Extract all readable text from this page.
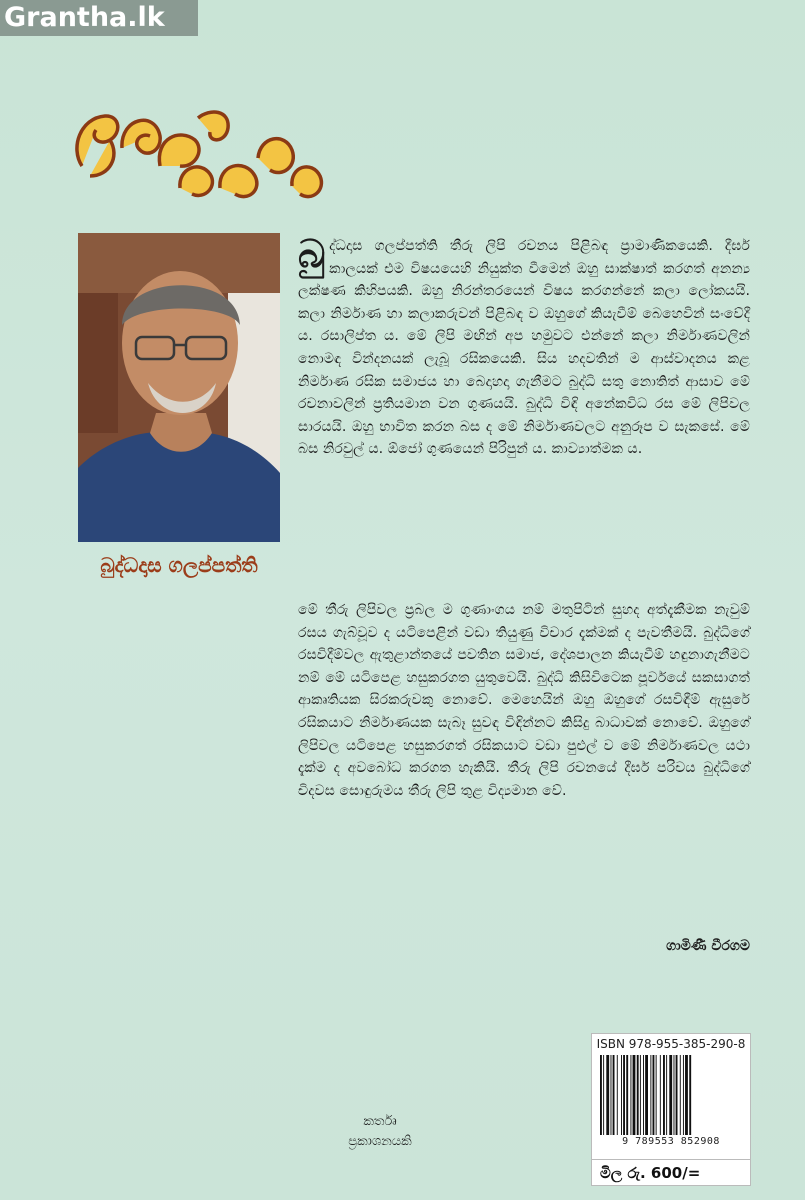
Grantha.lk
බුද්ධදාස ගලප්පත්ති
බුද්ධදාස ගලප්පත්ති තීරු ලිපි රචනය පිළිබඳ ප්‍රාමාණිකයෙකි. දීර්ඝ කාලයක් එම විෂයයෙහි නියුක්ත වීමෙන් ඔහු සාක්ෂාත් කරගත් අනන්‍ය ලක්ෂණ කිහිපයකි. ඔහු නිරන්තරයෙන් විෂය කරගන්නේ කලා ලෝකයයි. කලා නිර්මාණ හා කලාකරුවන් පිළිබඳ ව ඔහුගේ කියැවීම් බෙහෙවින් සංවේදී ය. රසාලිප්ත ය. මේ ලිපි මඟින් අප හමුවට එන්නේ කලා නිර්මාණවලින් නොමඳ වින්දනයක් ලැබූ රසිකයෙකි. සිය හදවතින් ම ආස්වාදනය කළ නිර්මාණ රසික සමාජය හා බෙදාහදා ගැනීමට බුද්ධි සතු නොතිත් ආසාව මේ රචනාවලින් ප්‍රතියමාන වන ගුණයයි. බුද්ධි විඳි අනේකවිධ රස මේ ලිපිවල සාරයයි. ඔහු භාවිත කරන බස ද මේ නිර්මාණවලට අනුරූප ව සැකසේ. මේ බස නිරවුල් ය. ඕජෝ ගුණයෙන් පිරිපුන් ය. කාව්‍යාත්මක ය.
මේ තීරු ලිපිවල ප්‍රබල ම ගුණාංගය නම් මතුපිටින් සුහද අත්දැකීමක නැවුම් රසය ගැබ්වූව ද යටිපෙළින් වඩා තියුණු විචාර දැක්මක් ද පැවතීමයි. බුද්ධිගේ රසවිදීම්වල ඇතුළාන්තයේ පවතින සමාජ, දේශපාලන කියැවීම් හඳුනාගැනීමට නම් මේ යටිපෙළ හසුකරගත යුතුවෙයි. බුද්ධි කිසිවිටෙක පූර්වයේ සකසාගත් ආකෘතියක සිරකරුවකු නොවේ. මෙහෙයින් ඔහු ඔහුගේ රසවිඳීම් ඇසුරේ රසිකයාට නිර්මාණයක සැබෑ සුවඳ විඳින්නට කිසිදු බාධාවක් නොවේ. ඔහුගේ ලිපිවල යටිපෙළ හසුකරගත් රසිකයාට වඩා පුළුල් ව මේ නිර්මාණවල යථා දැක්ම ද අවබෝධ කරගත හැකියි. තීරු ලිපි රචනයේ දීර්ඝ පරිචය බුද්ධිගේ චිදවස සොඳුරුමය තීරු ලිපි තුළ විද්‍යමාන වේ.
ගාමිණී වීරගම
ISBN 978-955-385-290-8
9 789553 852908
මිල රු. 600/=
කර්තෘ
ප්‍රකාශනයකි
